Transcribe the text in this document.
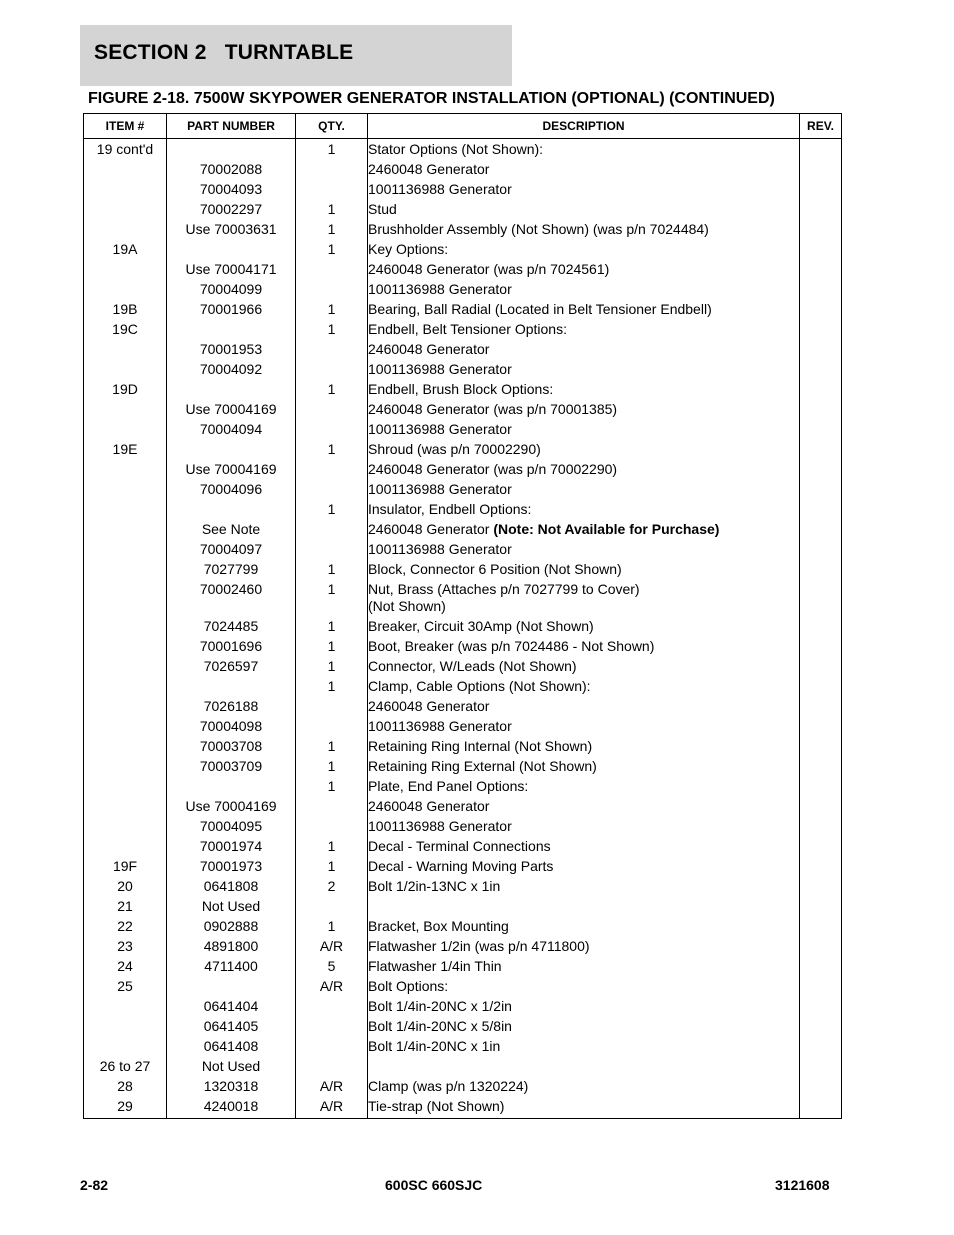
SECTION 2   TURNTABLE
FIGURE 2-18. 7500W SKYPOWER GENERATOR INSTALLATION (OPTIONAL) (CONTINUED)
ITEM #	PART NUMBER	QTY.	DESCRIPTION	REV.
19 cont'd		1	Stator Options (Not Shown):	

	70002088		2460048 Generator	

	70004093		1001136988 Generator	

	70002297	1	Stud	

	Use 70003631	1	Brushholder Assembly (Not Shown) (was p/n 7024484)	

19A		1	Key Options:	

	Use 70004171		2460048 Generator (was p/n 7024561)	

	70004099		1001136988 Generator	

19B	70001966	1	Bearing, Ball Radial (Located in Belt Tensioner Endbell)	

19C		1	Endbell, Belt Tensioner Options:	

	70001953		2460048 Generator	

	70004092		1001136988 Generator	

19D		1	Endbell, Brush Block Options:	

	Use 70004169		2460048 Generator (was p/n 70001385)	

	70004094		1001136988 Generator	

19E		1	Shroud (was p/n 70002290)	

	Use 70004169		2460048 Generator (was p/n 70002290)	

	70004096		1001136988 Generator	

		1	Insulator, Endbell Options:	

	See Note		2460048 Generator (Note: Not Available for Purchase)	

	70004097		1001136988 Generator	

	7027799	1	Block, Connector 6 Position (Not Shown)	

	70002460	1	Nut, Brass (Attaches p/n 7027799 to Cover)
(Not Shown)	

	7024485	1	Breaker, Circuit 30Amp (Not Shown)	

	70001696	1	Boot, Breaker (was p/n 7024486 - Not Shown)	

	7026597	1	Connector, W/Leads (Not Shown)	

		1	Clamp, Cable Options (Not Shown):	

	7026188		2460048 Generator	

	70004098		1001136988 Generator	

	70003708	1	Retaining Ring Internal (Not Shown)	

	70003709	1	Retaining Ring External (Not Shown)	

		1	Plate, End Panel Options:	

	Use 70004169		2460048 Generator	

	70004095		1001136988 Generator	

	70001974	1	Decal - Terminal Connections	

19F	70001973	1	Decal - Warning Moving Parts	

20	0641808	2	Bolt 1/2in-13NC x 1in	

21	Not Used		

22	0902888	1	Bracket, Box Mounting	

23	4891800	A/R	Flatwasher 1/2in (was p/n 4711800)	

24	4711400	5	Flatwasher 1/4in Thin	

25		A/R	Bolt Options:	

	0641404		Bolt 1/4in-20NC x 1/2in	

	0641405		Bolt 1/4in-20NC x 5/8in	

	0641408		Bolt 1/4in-20NC x 1in	

26 to 27	Not Used		

28	1320318	A/R	Clamp (was p/n 1320224)	

29	4240018	A/R	Tie-strap (Not Shown)	

2-82	600SC 660SJC	3121608
